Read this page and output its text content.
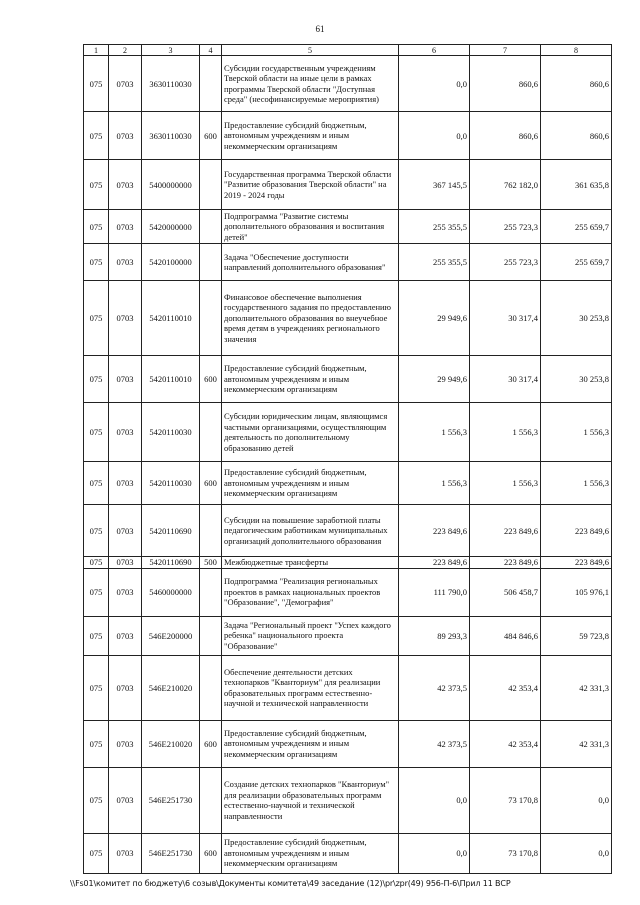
61
1	2	3	4	5	6	7	8
075	0703	3630110030		Субсидии государственным учреждениям Тверской области на иные цели в рамках программы Тверской области "Доступная среда" (несофинансируемые мероприятия)	0,0	860,6	860,6
075	0703	3630110030	600	Предоставление субсидий бюджетным, автономным учреждениям и иным некоммерческим организациям	0,0	860,6	860,6
075	0703	5400000000		Государственная программа Тверской области "Развитие образования Тверской области" на 2019 - 2024 годы	367 145,5	762 182,0	361 635,8
075	0703	5420000000		Подпрограмма "Развитие системы дополнительного образования и воспитания детей"	255 355,5	255 723,3	255 659,7
075	0703	5420100000		Задача "Обеспечение доступности направлений дополнительного образования"	255 355,5	255 723,3	255 659,7
075	0703	5420110010		Финансовое обеспечение выполнения государственного задания по предоставлению дополнительного образования во внеучебное время детям в учреждениях регионального значения	29 949,6	30 317,4	30 253,8
075	0703	5420110010	600	Предоставление субсидий бюджетным, автономным учреждениям и иным некоммерческим организациям	29 949,6	30 317,4	30 253,8
075	0703	5420110030		Субсидии юридическим лицам, являющимся частными организациями, осуществляющим деятельность по дополнительному образованию детей	1 556,3	1 556,3	1 556,3
075	0703	5420110030	600	Предоставление субсидий бюджетным, автономным учреждениям и иным некоммерческим организациям	1 556,3	1 556,3	1 556,3
075	0703	5420110690		Субсидии на повышение заработной платы педагогическим работникам муниципальных организаций дополнительного образования	223 849,6	223 849,6	223 849,6
075	0703	5420110690	500	Межбюджетные трансферты	223 849,6	223 849,6	223 849,6
075	0703	5460000000		Подпрограмма "Реализация региональных проектов в рамках национальных проектов "Образование", "Демография"	111 790,0	506 458,7	105 976,1
075	0703	546E200000		Задача "Региональный проект "Успех каждого ребенка" национального проекта "Образование"	89 293,3	484 846,6	59 723,8
075	0703	546E210020		Обеспечение деятельности детских технопарков "Кванториум" для реализации образовательных программ естественно-научной и технической направленности	42 373,5	42 353,4	42 331,3
075	0703	546E210020	600	Предоставление субсидий бюджетным, автономным учреждениям и иным некоммерческим организациям	42 373,5	42 353,4	42 331,3
075	0703	546E251730		Создание детских технопарков "Кванториум" для реализации образовательных программ естественно-научной и технической направленности	0,0	73 170,8	0,0
075	0703	546E251730	600	Предоставление субсидий бюджетным, автономным учреждениям и иным некоммерческим организациям	0,0	73 170,8	0,0
\\Fs01\комитет по бюджету\6 созыв\Документы комитета\49 заседание (12)\pr\zpr(49) 956-П-6\Прил 11 ВСР
